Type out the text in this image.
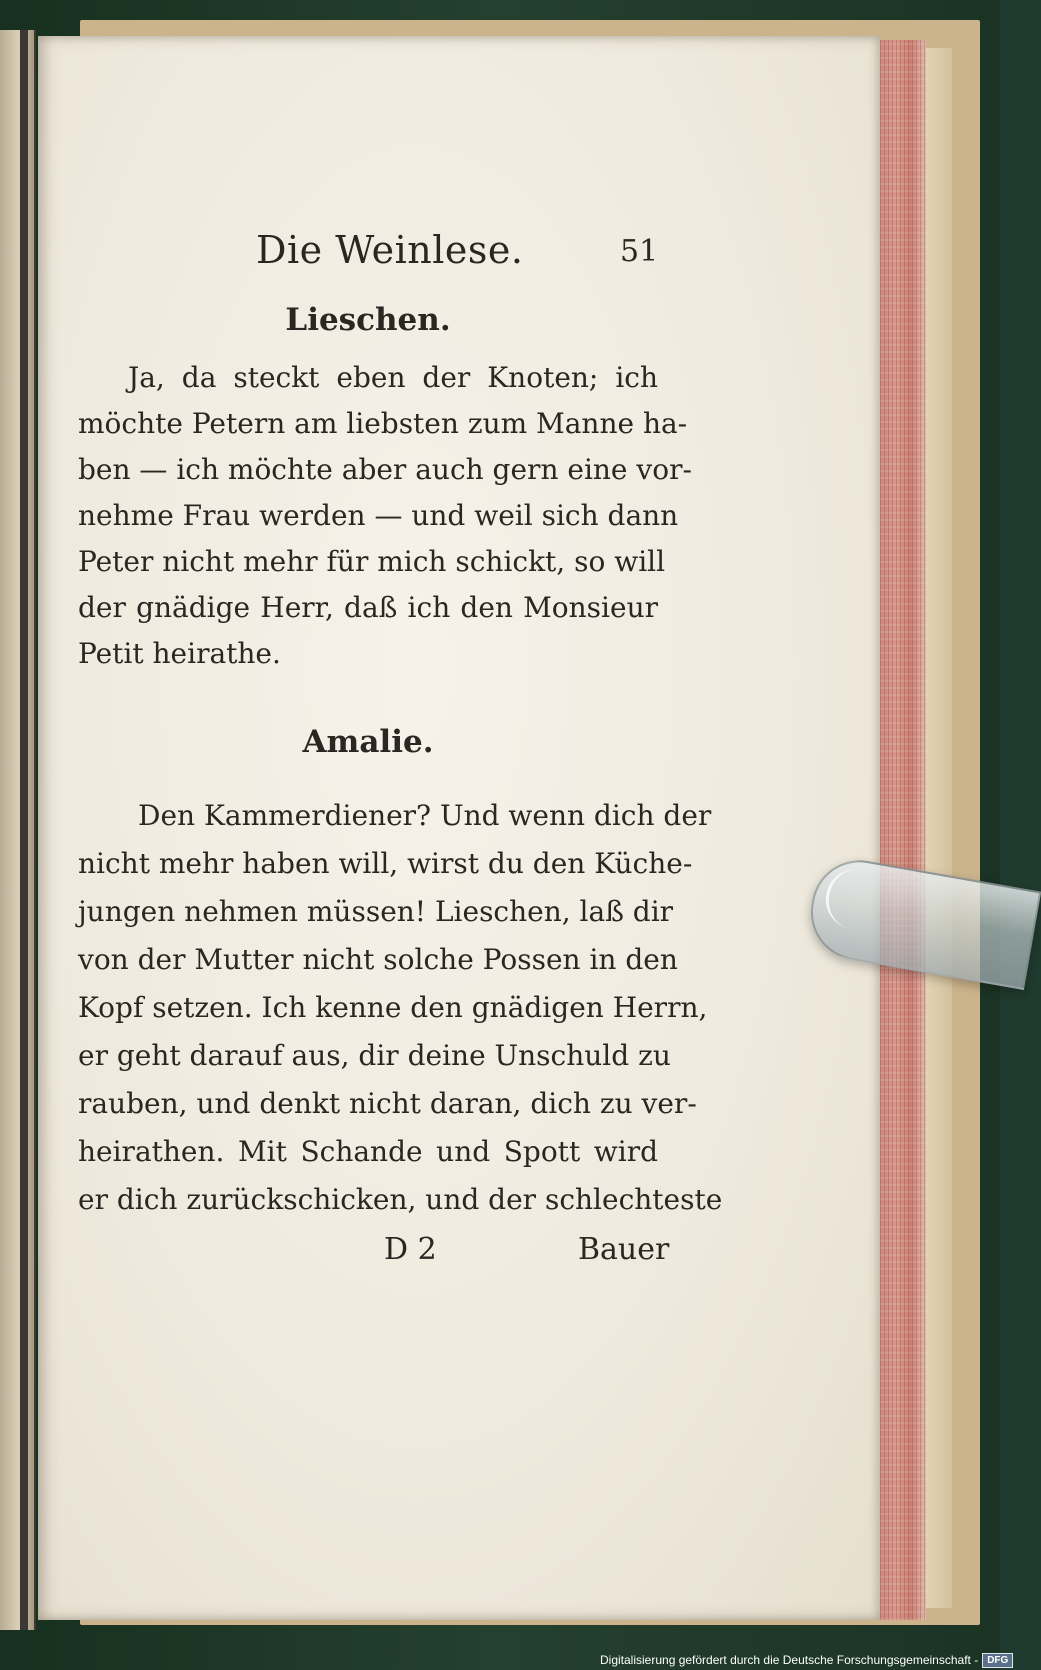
Die Weinlese.	51
Lieschen.
Ja, da steckt eben der Knoten; ich
möchte Petern am liebsten zum Manne ha-
ben — ich möchte aber auch gern eine vor-
nehme Frau werden — und weil sich dann
Peter nicht mehr für mich schickt, so will
der gnädige Herr, daß ich den Monsieur
Petit heirathe.
Amalie.
Den Kammerdiener? Und wenn dich der
nicht mehr haben will, wirst du den Küche-
jungen nehmen müssen! Lieschen, laß dir
von der Mutter nicht solche Possen in den
Kopf setzen. Ich kenne den gnädigen Herrn,
er geht darauf aus, dir deine Unschuld zu
rauben, und denkt nicht daran, dich zu ver-
heirathen. Mit Schande und Spott wird
er dich zurückschicken, und der schlechteste
D 2	Bauer
Digitalisierung gefördert durch die Deutsche Forschungsgemeinschaft - DFG
